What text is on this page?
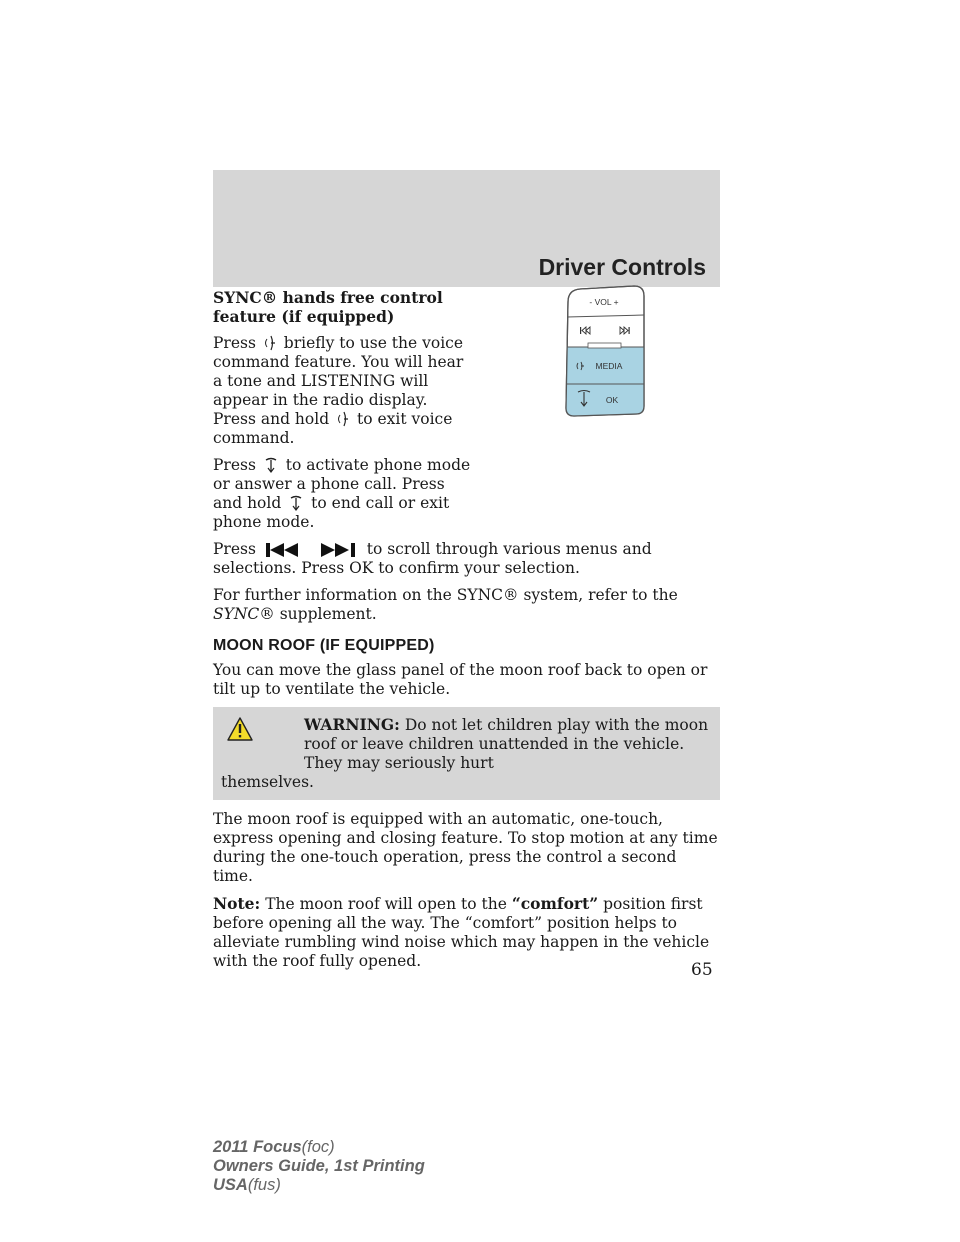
Driver Controls
- VOL +
MEDIA
OK
SYNC® hands free control
feature (if equipped)

Press briefly to use the voice command feature. You will hear a tone and LISTENING will appear in the radio display. Press and hold to exit voice command.

Press to activate phone mode or answer a phone call. Press and hold to end call or exit phone mode.

Press	to scroll through various menus and selections. Press OK to confirm your selection.

For further information on the SYNC® system, refer to the SYNC® supplement.

MOON ROOF (IF EQUIPPED)

You can move the glass panel of the moon roof back to open or tilt up to ventilate the vehicle.

WARNING: Do not let children play with the moon roof or leave children unattended in the vehicle. They may seriously hurt
themselves.

The moon roof is equipped with an automatic, one-touch, express opening and closing feature. To stop motion at any time during the one-touch operation, press the control a second time.

Note: The moon roof will open to the “comfort” position first before opening all the way. The “comfort” position helps to alleviate rumbling wind noise which may happen in the vehicle with the roof fully opened.	65
2011 Focus(foc)
Owners Guide, 1st Printing
USA(fus)
